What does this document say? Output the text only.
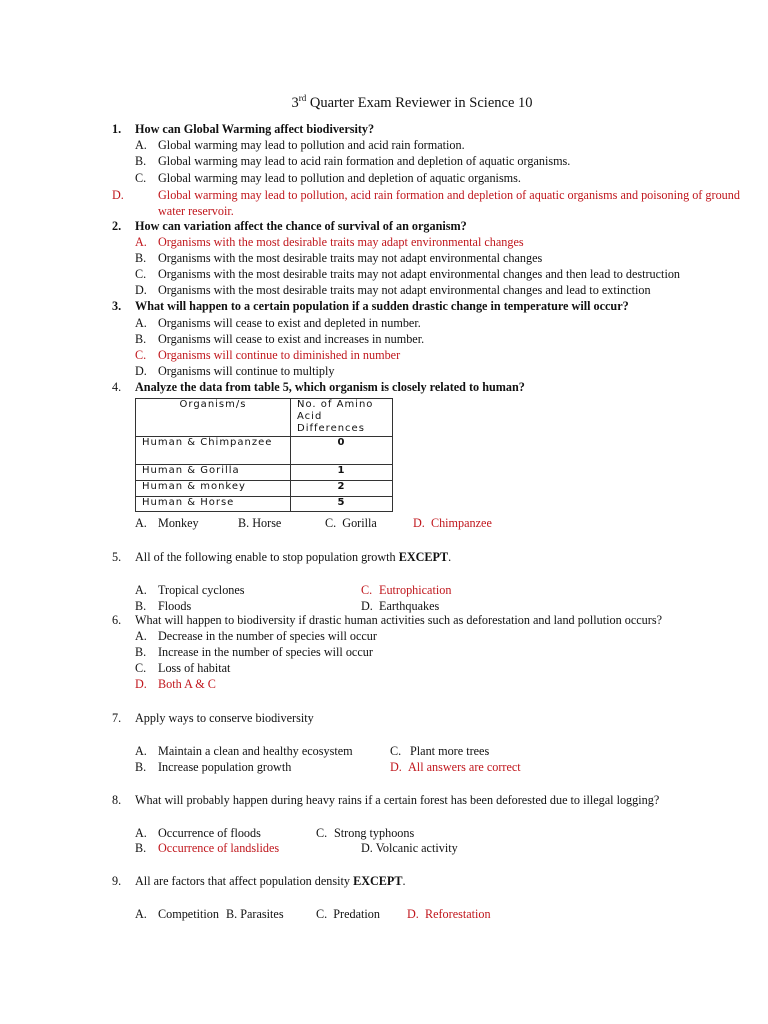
3rd Quarter Exam Reviewer in Science 10
1. How can Global Warming affect biodiversity?
A. Global warming may lead to pollution and acid rain formation.
B. Global warming may lead to acid rain formation and depletion of aquatic organisms.
C. Global warming may lead to pollution and depletion of aquatic organisms.
D.	Global warming may lead to pollution, acid rain formation and depletion of aquatic organisms and poisoning of ground water reservoir.
2. How can variation affect the chance of survival of an organism?
A. Organisms with the most desirable traits may adapt environmental changes
B. Organisms with the most desirable traits may not adapt environmental changes
C. Organisms with the most desirable traits may not adapt environmental changes and then lead to destruction
D. Organisms with the most desirable traits may not adapt environmental changes and lead to extinction
3. What will happen to a certain population if a sudden drastic change in temperature will occur?
A. Organisms will cease to exist and depleted in number.
B. Organisms will cease to exist and increases in number.
C. Organisms will continue to diminished in number
D. Organisms will continue to multiply
4. Analyze the data from table 5, which organism is closely related to human?
Organism/s	No. of Amino Acid Differences
Human & Chimpanzee	0
Human & Gorilla	1
Human & monkey	2
Human & Horse	5
A. Monkey	B. Horse	C. Gorilla	D. Chimpanzee
5. All of the following enable to stop population growth EXCEPT.
A. Tropical cyclones
B. Floods
C. Eutrophication
D. Earthquakes
6. What will happen to biodiversity if drastic human activities such as deforestation and land pollution occurs?
A. Decrease in the number of species will occur
B. Increase in the number of species will occur
C. Loss of habitat
D. Both A & C
7. Apply ways to conserve biodiversity
A. Maintain a clean and healthy ecosystem
B. Increase population growth
C. Plant more trees
D. All answers are correct
8. What will probably happen during heavy rains if a certain forest has been deforested due to illegal logging?
A. Occurrence of floods
B. Occurrence of landslides
C. Strong typhoons
D. Volcanic activity
9. All are factors that affect population density EXCEPT.
A. Competition B. Parasites	C. Predation D. Reforestation
